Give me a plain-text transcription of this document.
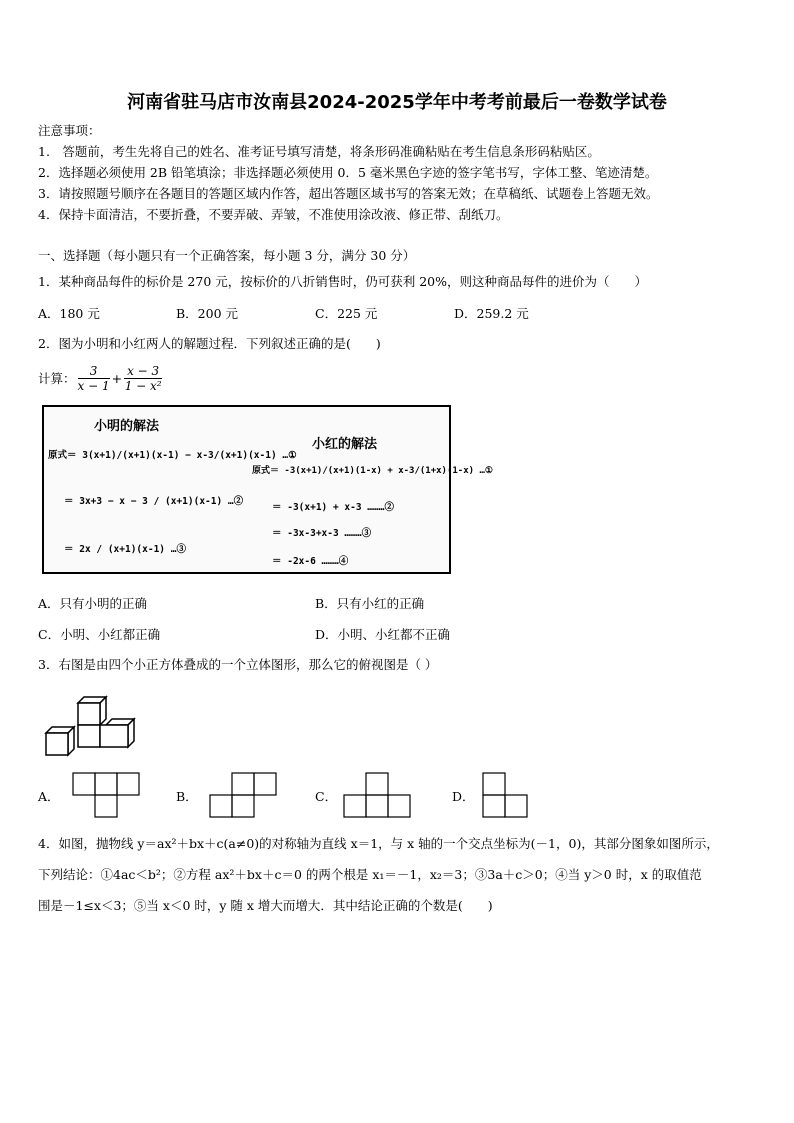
河南省驻马店市汝南县2024-2025学年中考考前最后一卷数学试卷
注意事项：
1.　答题前，考生先将自己的姓名、准考证号填写清楚，将条形码准确粘贴在考生信息条形码粘贴区。
2．选择题必须使用 2B 铅笔填涂；非选择题必须使用 0．5 毫米黑色字迹的签字笔书写，字体工整、笔迹清楚。
3．请按照题号顺序在各题目的答题区域内作答，超出答题区域书写的答案无效；在草稿纸、试题卷上答题无效。
4．保持卡面清洁，不要折叠，不要弄破、弄皱，不准使用涂改液、修正带、刮纸刀。
一、选择题（每小题只有一个正确答案，每小题 3 分，满分 30 分）
1．某种商品每件的标价是 270 元，按标价的八折销售时，仍可获利 20%，则这种商品每件的进价为（　　）
A．180 元	B．200 元	C．225 元	D．259.2 元
2．图为小明和小红两人的解题过程．下列叙述正确的是(　　)
计算： $\frac{3}{x - 1} + \frac{x - 3}{\text{1 − x²}}$
小明的解法
小红的解法
原式＝ 3(x+1)/(x+1)(x-1) − x-3/(x+1)(x-1) …①
＝ 3x+3 − x − 3 / (x+1)(x-1) …②
＝ 2x / (x+1)(x-1) …③
原式＝ -3(x+1)/(x+1)(1-x) + x-3/(1+x)(1-x) …①
＝ -3(x+1) + x-3 ………②
＝ -3x-3+x-3 ………③
＝ -2x-6 ………④
A．只有小明的正确	B．只有小红的正确
C．小明、小红都正确	D．小明、小红都不正确
3．右图是由四个小正方体叠成的一个立体图形，那么它的俯视图是（ ）
A．	B．	C．	D．
4．如图，抛物线 y＝ax²＋bx＋c(a≠0)的对称轴为直线 x＝1，与 x 轴的一个交点坐标为(－1，0)，其部分图象如图所示，
下列结论：①4ac＜b²；②方程 ax²＋bx＋c＝0 的两个根是 x₁＝－1，x₂＝3；③3a＋c＞0；④当 y＞0 时，x 的取值范
围是－1≤x＜3；⑤当 x＜0 时，y 随 x 增大而增大．其中结论正确的个数是(　　)
